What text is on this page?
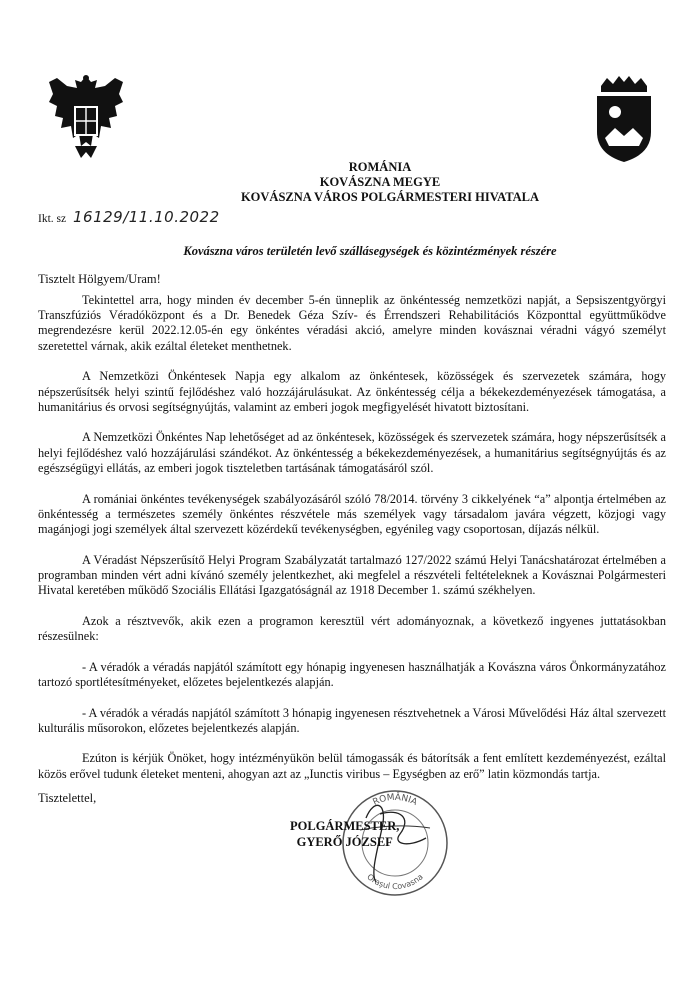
ROMÁNIA
KOVÁSZNA MEGYE
KOVÁSZNA VÁROS POLGÁRMESTERI HIVATALA
Ikt. sz 16129/11.10.2022
Kovászna város területén levő szállásegységek és közintézmények részére
Tisztelt Hölgyem/Uram!

Tekintettel arra, hogy minden év december 5-én ünneplik az önkéntesség nemzetközi napját, a Sepsiszentgyörgyi Transzfúziós Véradóközpont és a Dr. Benedek Géza Szív- és Érrendszeri Rehabilitációs Központtal együttműködve megrendezésre kerül 2022.12.05-én egy önkéntes véradási akció, amelyre minden kovásznai véradni vágyó személyt szeretettel várnak, akik ezáltal életeket menthetnek.

A Nemzetközi Önkéntesek Napja egy alkalom az önkéntesek, közösségek és szervezetek számára, hogy népszerűsítsék helyi szintű fejlődéshez való hozzájárulásukat. Az önkéntesség célja a békekezdeményezések támogatása, a humanitárius és orvosi segítségnyújtás, valamint az emberi jogok megfigyelését hivatott biztosítani.

A Nemzetközi Önkéntes Nap lehetőséget ad az önkéntesek, közösségek és szervezetek számára, hogy népszerűsítsék a helyi fejlődéshez való hozzájárulási szándékot. Az önkéntesség a békekezdeményezések, a humanitárius segítségnyújtás és az egészségügyi ellátás, az emberi jogok tiszteletben tartásának támogatásáról szól.

A romániai önkéntes tevékenységek szabályozásáról szóló 78/2014. törvény 3 cikkelyének “a” alpontja értelmében az önkéntesség a természetes személy önkéntes részvétele más személyek vagy társadalom javára végzett, közjogi vagy magánjogi jogi személyek által szervezett közérdekű tevékenységben, egyénileg vagy csoportosan, díjazás nélkül.

A Véradást Népszerűsítő Helyi Program Szabályzatát tartalmazó 127/2022 számú Helyi Tanácshatározat értelmében a programban minden vért adni kívánó személy jelentkezhet, aki megfelel a részvételi feltételeknek a Kovásznai Polgármesteri Hivatal keretében működő Szociális Ellátási Igazgatóságnál az 1918 December 1. számú székhelyen.

Azok a résztvevők, akik ezen a programon keresztül vért adományoznak, a következő ingyenes juttatásokban részesülnek:

- A véradók a véradás napjától számított egy hónapig ingyenesen használhatják a Kovászna város Önkormányzatához tartozó sportlétesítményeket, előzetes bejelentkezés alapján.

- A véradók a véradás napjától számított 3 hónapig ingyenesen résztvehetnek a Városi Művelődési Ház által szervezett kulturális műsorokon, előzetes bejelentkezés alapján.

Ezúton is kérjük Önöket, hogy intézményükön belül támogassák és bátorítsák a fent említett kezdeményezést, ezáltal közös erővel tudunk életeket menteni, ahogyan azt az „Iunctis viribus – Egységben az erő” latin közmondás tartja.

Tisztelettel,	ROMÂNIA
Orașul Covasna
POLGÁRMESTER,
GYERŐ JÓZSEF
